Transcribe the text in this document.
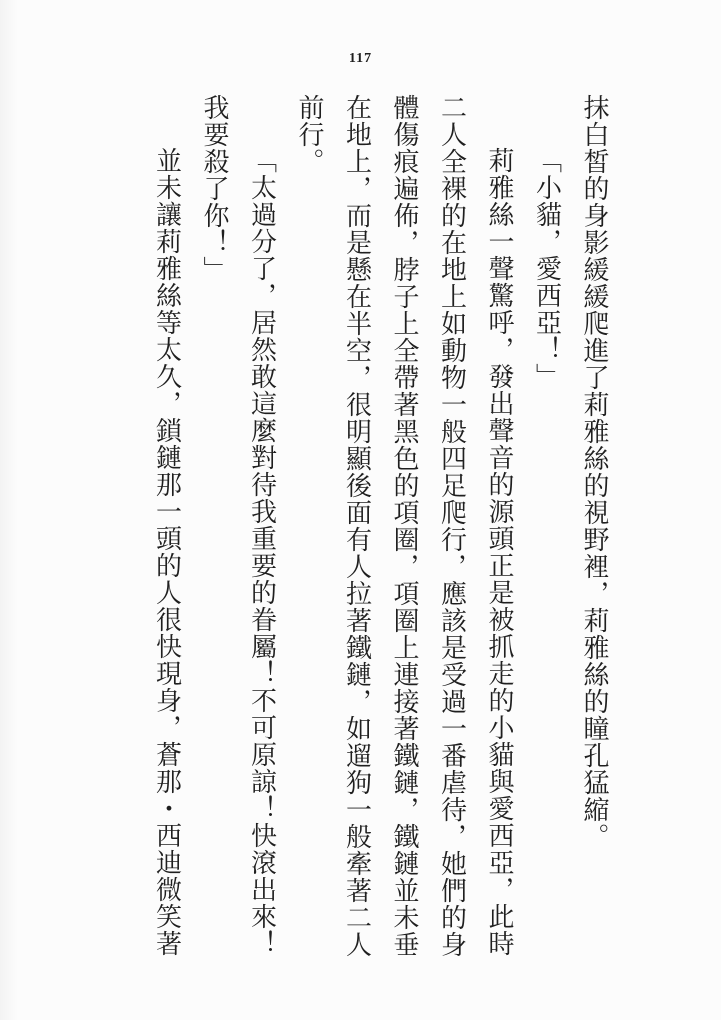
117
抹白皙的身影緩緩爬進了莉雅絲的視野裡，莉雅絲的瞳孔猛縮。
「小貓，愛西亞！」
莉雅絲一聲驚呼，發出聲音的源頭正是被抓走的小貓與愛西亞，此時
二人全裸的在地上如動物一般四足爬行，應該是受過一番虐待，她們的身
體傷痕遍佈，脖子上全帶著黑色的項圈，項圈上連接著鐵鏈，鐵鏈並未垂
在地上，而是懸在半空，很明顯後面有人拉著鐵鏈，如遛狗一般牽著二人
前行。
「太過分了，居然敢這麼對待我重要的眷屬！不可原諒！快滾出來！
我要殺了你！」
並未讓莉雅絲等太久，鎖鏈那一頭的人很快現身，蒼那・西迪微笑著
